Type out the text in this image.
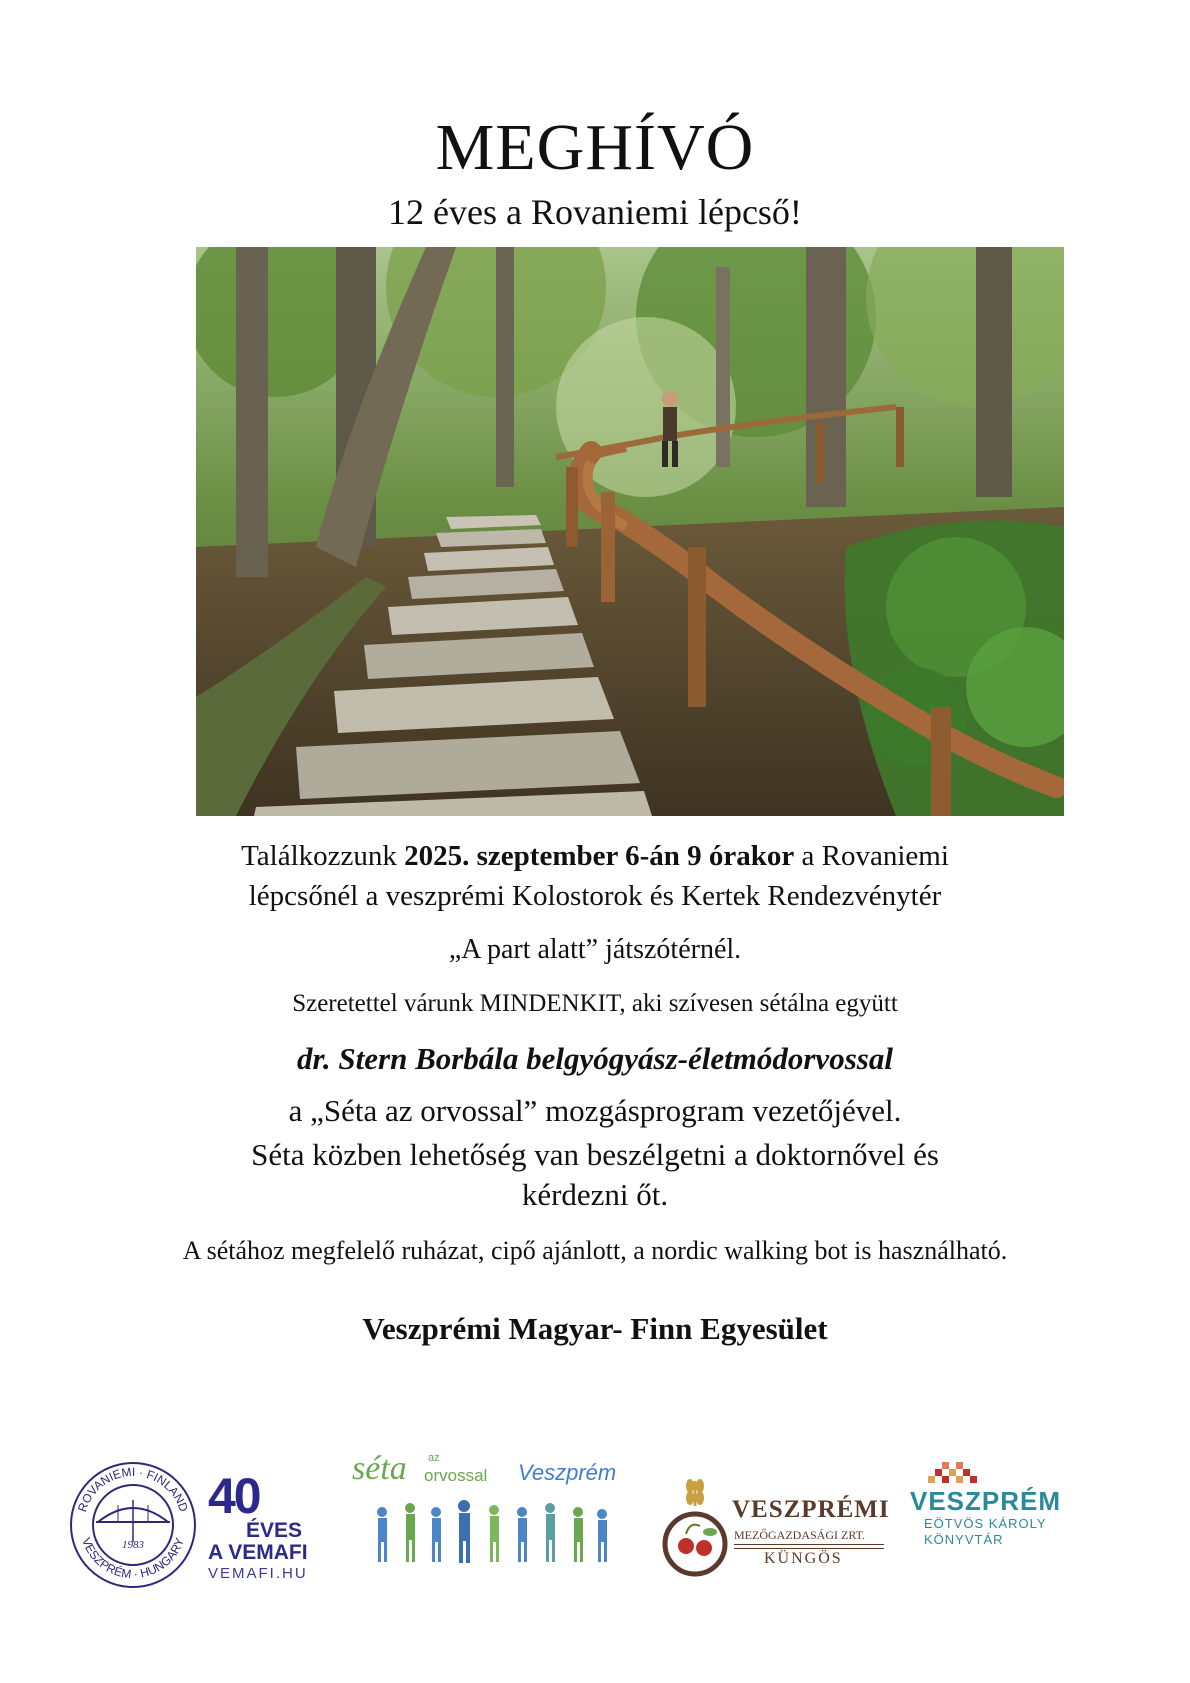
MEGHÍVÓ
12 éves a Rovaniemi lépcső!
Találkozzunk 2025. szeptember 6-án 9 órakor a Rovaniemi
lépcsőnél a veszprémi Kolostorok és Kertek Rendezvénytér
„A part alatt” játszótérnél.
Szeretettel várunk MINDENKIT, aki szívesen sétálna együtt
dr. Stern Borbála belgyógyász-életmódorvossal
a „Séta az orvossal” mozgásprogram vezetőjével.
Séta közben lehetőség van beszélgetni a doktornővel és
kérdezni őt.
A sétához megfelelő ruházat, cipő ajánlott, a nordic walking bot is használható.
Veszprémi Magyar- Finn Egyesület
ROVANIEMI · FINLAND
VESZPRÉM · HUNGARY
1983
40
ÉVES
A VEMAFI
VEMAFI.HU
séta az
orvossal Veszprém
VESZPRÉMI
MEZŐGAZDASÁGI ZRT.
KÜNGÖS
VESZPRÉM
EÖTVÖS KÁROLY
KÖNYVTÁR
